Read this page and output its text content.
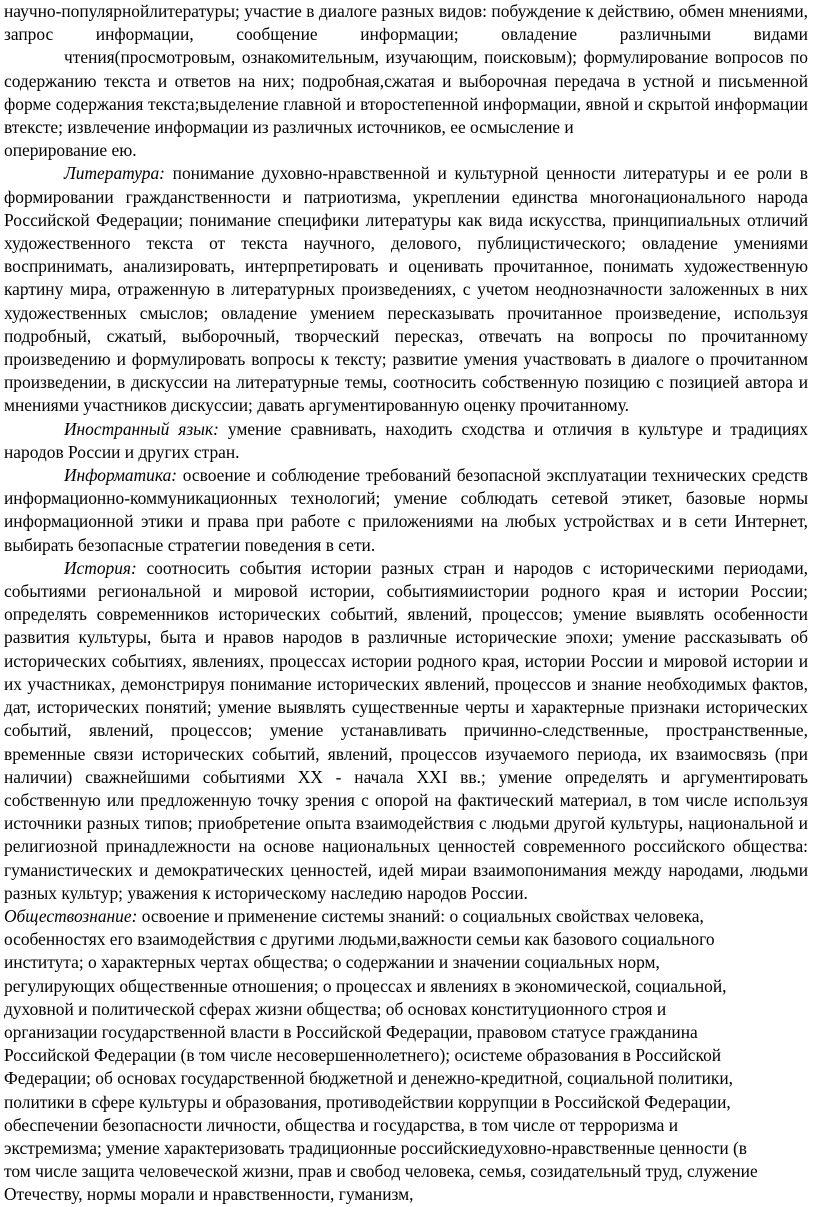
научно-популярнойлитературы; участие в диалоге разных видов: побуждение к действию, обмен мнениями, запрос информации, сообщение информации; овладение различными видами чтения(просмотровым, ознакомительным, изучающим, поисковым); формулирование вопросов по содержанию текста и ответов на них; подробная,сжатая и выборочная передача в устной и письменной форме содержания текста;выделение главной и второстепенной информации, явной и скрытой информации втексте; извлечение информации из различных источников, ее осмысление и

оперирование ею.

Литература: понимание духовно-нравственной и культурной ценности литературы и ее роли в формировании гражданственности и патриотизма, укреплении единства многонационального народа Российской Федерации; понимание специфики литературы как вида искусства, принципиальных отличий художественного текста от текста научного, делового, публицистического; овладение умениями воспринимать, анализировать, интерпретировать и оценивать прочитанное, понимать художественную картину мира, отраженную в литературных произведениях, с учетом неоднозначности заложенных в них художественных смыслов; овладение умением пересказывать прочитанное произведение, используя подробный, сжатый, выборочный, творческий пересказ, отвечать на вопросы по прочитанному произведению и формулировать вопросы к тексту; развитие умения участвовать в диалоге о прочитанном произведении, в дискуссии на литературные темы, соотносить собственную позицию с позицией автора и мнениями участников дискуссии; давать аргументированную оценку прочитанному.

Иностранный язык: умение сравнивать, находить сходства и отличия в культуре и традициях народов России и других стран.

Информатика: освоение и соблюдение требований безопасной эксплуатации технических средств информационно-коммуникационных технологий; умение соблюдать сетевой этикет, базовые нормы информационной этики и права при работе с приложениями на любых устройствах и в сети Интернет, выбирать безопасные стратегии поведения в сети.

История: соотносить события истории разных стран и народов с историческими периодами, событиями региональной и мировой истории, событиямиистории родного края и истории России; определять современников исторических событий, явлений, процессов; умение выявлять особенности развития культуры, быта и нравов народов в различные исторические эпохи; умение рассказывать об исторических событиях, явлениях, процессах истории родного края, истории России и мировой истории и их участниках, демонстрируя понимание исторических явлений, процессов и знание необходимых фактов, дат, исторических понятий; умение выявлять существенные черты и характерные признаки исторических событий, явлений, процессов; умение устанавливать причинно-следственные, пространственные, временные связи исторических событий, явлений, процессов изучаемого периода, их взаимосвязь (при наличии) сважнейшими событиями XX - начала XXI вв.; умение определять и аргументировать собственную или предложенную точку зрения с опорой на фактический материал, в том числе используя источники разных типов; приобретение опыта взаимодействия с людьми другой культуры, национальной и религиозной принадлежности на основе национальных ценностей современного российского общества: гуманистических и демократических ценностей, идей мираи взаимопонимания между народами, людьми разных культур; уважения к историческому наследию народов России.

Обществознание: освоение и применение системы знаний: о социальных свойствах человека,
особенностях его взаимодействия с другими людьми,важности семьи как базового социального
института; о характерных чертах общества; о содержании и значении социальных норм,
регулирующих общественные отношения; о процессах и явлениях в экономической, социальной,
духовной и политической сферах жизни общества; об основах конституционного строя и
организации государственной власти в Российской Федерации, правовом статусе гражданина
Российской Федерации (в том числе несовершеннолетнего); осистеме образования в Российской
Федерации; об основах государственной бюджетной и денежно-кредитной, социальной политики,
политики в сфере культуры и образования, противодействии коррупции в Российской Федерации,
обеспечении безопасности личности, общества и государства, в том числе от терроризма и
экстремизма; умение характеризовать традиционные российскиедуховно-нравственные ценности (в
том числе защита человеческой жизни, прав и свобод человека, семья, созидательный труд, служение
Отечеству, нормы морали и нравственности, гуманизм,
